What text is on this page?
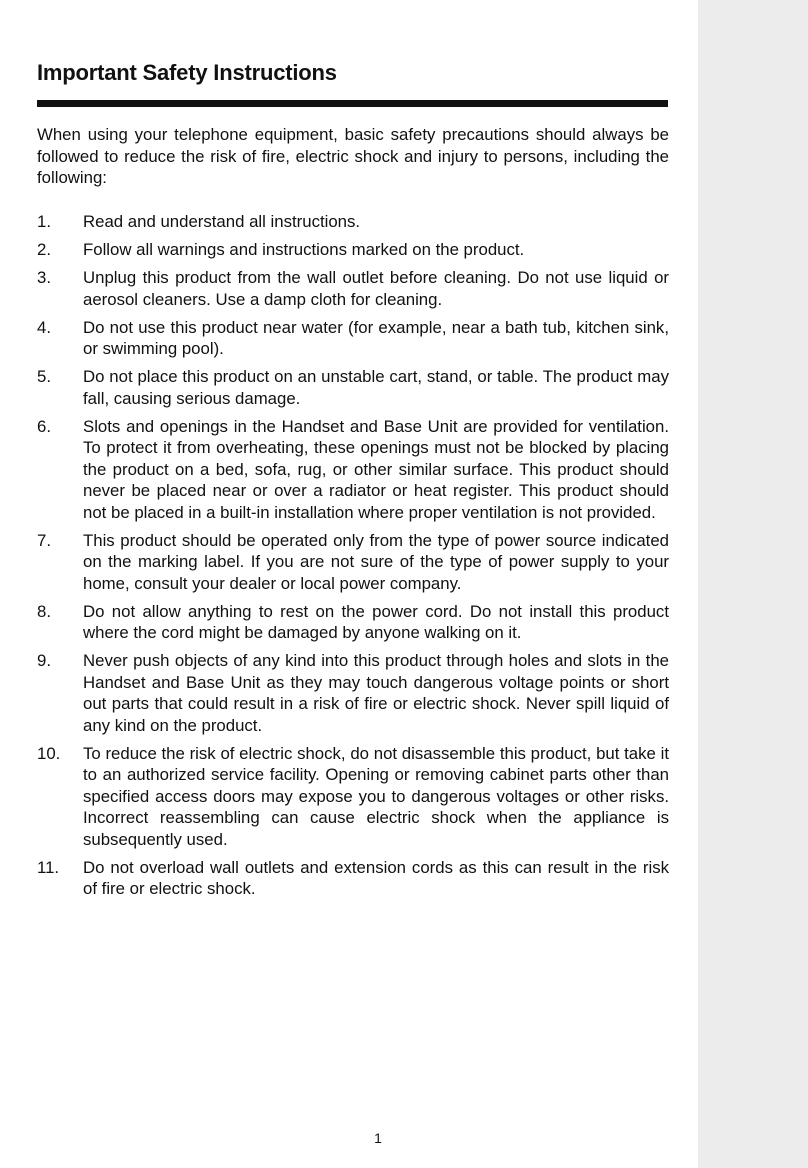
Important Safety Instructions

When using your telephone equipment, basic safety precautions should always be followed to reduce the risk of fire, electric shock and injury to persons, including the following:

1.	Read and understand all instructions.
2.	Follow all warnings and instructions marked on the product.
3.	Unplug this product from the wall outlet before cleaning. Do not use liquid or aerosol cleaners. Use a damp cloth for cleaning.
4.	Do not use this product near water (for example, near a bath tub, kitchen sink, or swimming pool).
5.	Do not place this product on an unstable cart, stand, or table. The product may fall, causing serious damage.
6.	Slots and openings in the Handset and Base Unit are provided for ventilation. To protect it from overheating, these openings must not be blocked by placing the product on a bed, sofa, rug, or other similar surface. This product should never be placed near or over a radiator or heat register. This product should not be placed in a built-in installation where proper ventilation is not provided.
7.	This product should be operated only from the type of power source indicated on the marking label. If you are not sure of the type of power supply to your home, consult your dealer or local power company.
8.	Do not allow anything to rest on the power cord. Do not install this product where the cord might be damaged by anyone walking on it.
9.	Never push objects of any kind into this product through holes and slots in the Handset and Base Unit as they may touch dangerous voltage points or short out parts that could result in a risk of fire or electric shock. Never spill liquid of any kind on the product.
10.	To reduce the risk of electric shock, do not disassemble this product, but take it to an authorized service facility. Opening or removing cabinet parts other than specified access doors may expose you to dangerous voltages or other risks. Incorrect reassembling can cause electric shock when the appliance is subsequently used.
11.	Do not overload wall outlets and extension cords as this can result in the risk of fire or electric shock.
1
